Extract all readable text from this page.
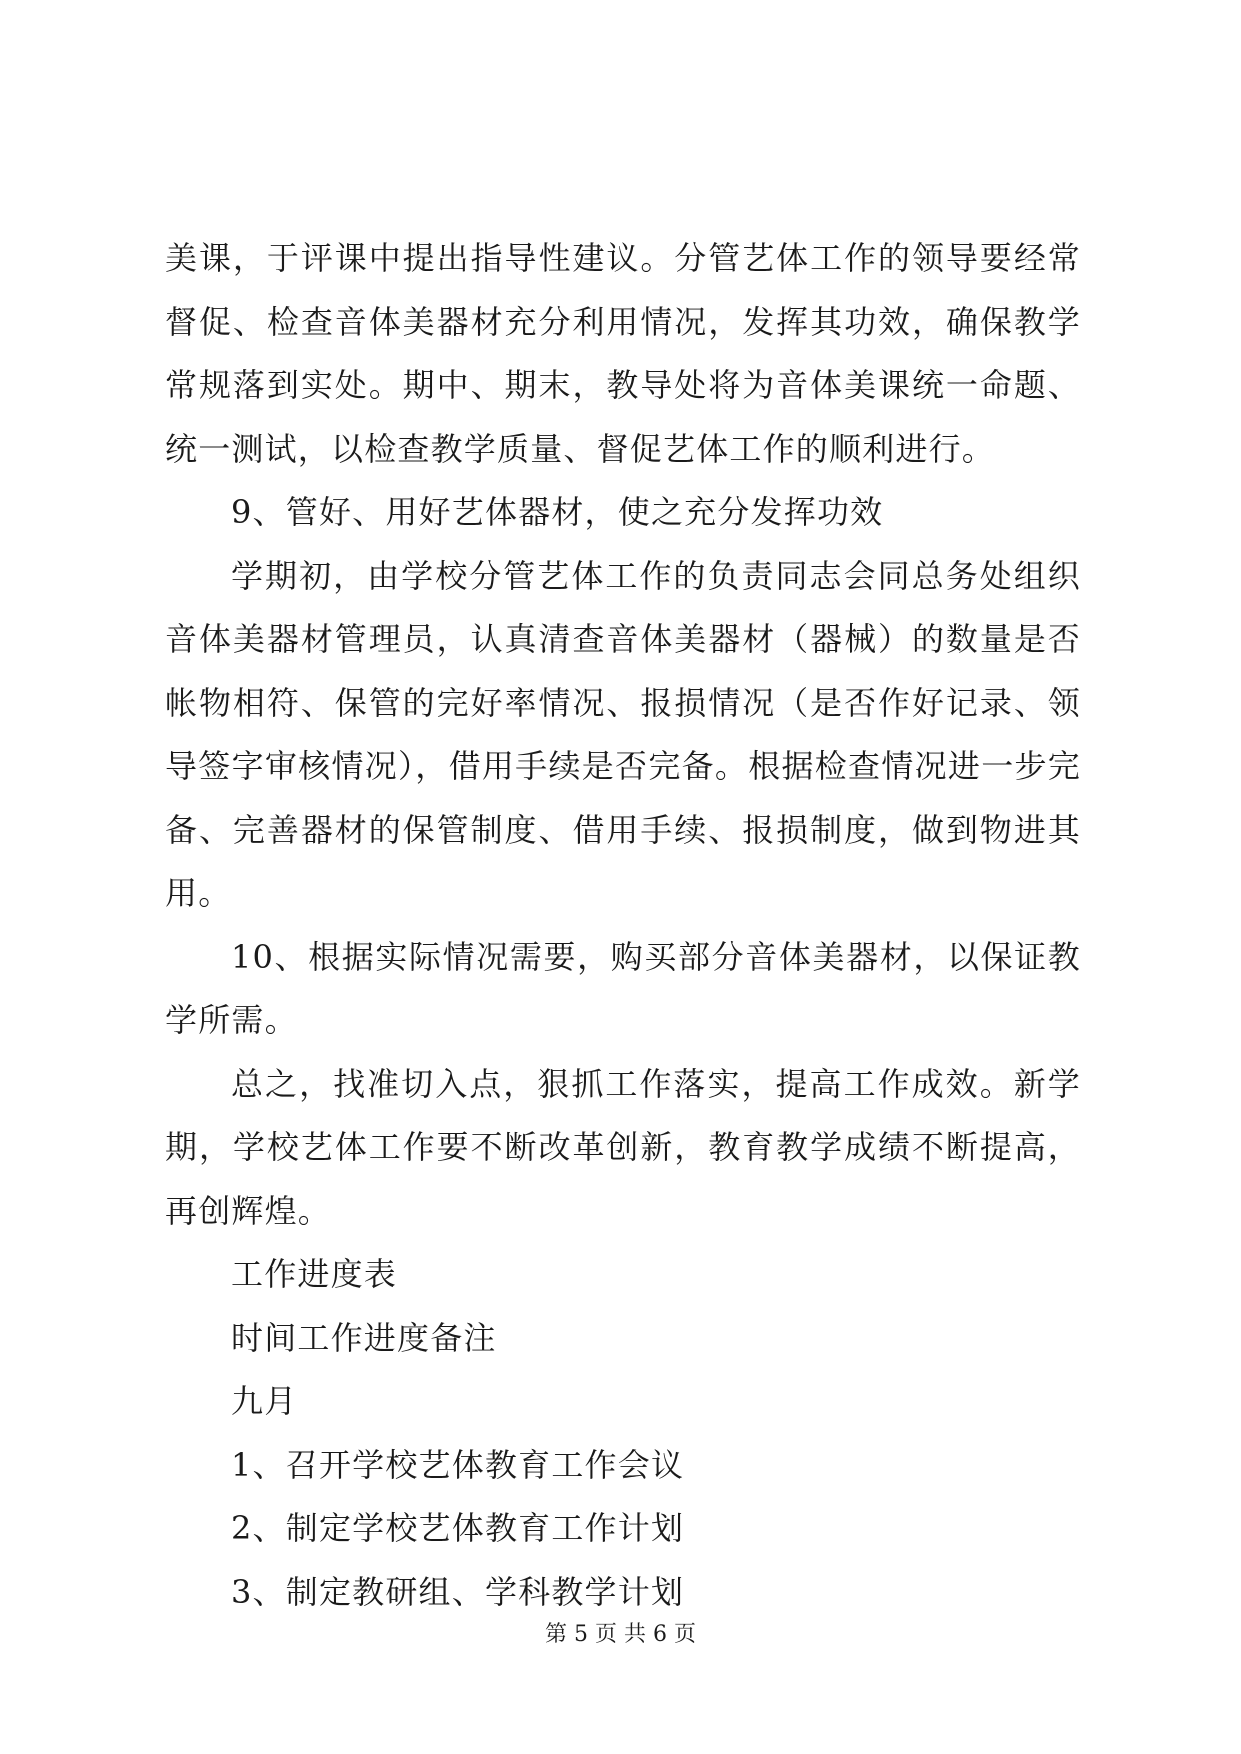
美课，于评课中提出指导性建议。分管艺体工作的领导要经常督促、检查音体美器材充分利用情况，发挥其功效，确保教学常规落到实处。期中、期末，教导处将为音体美课统一命题、统一测试，以检查教学质量、督促艺体工作的顺利进行。

9、管好、用好艺体器材，使之充分发挥功效

学期初，由学校分管艺体工作的负责同志会同总务处组织音体美器材管理员，认真清查音体美器材（器械）的数量是否帐物相符、保管的完好率情况、报损情况（是否作好记录、领导签字审核情况），借用手续是否完备。根据检查情况进一步完备、完善器材的保管制度、借用手续、报损制度，做到物进其用。

10、根据实际情况需要，购买部分音体美器材，以保证教学所需。

总之，找准切入点，狠抓工作落实，提高工作成效。新学期，学校艺体工作要不断改革创新，教育教学成绩不断提高，再创辉煌。

工作进度表
时间工作进度备注
九月
1、召开学校艺体教育工作会议
2、制定学校艺体教育工作计划
3、制定教研组、学科教学计划
第 5 页 共 6 页
